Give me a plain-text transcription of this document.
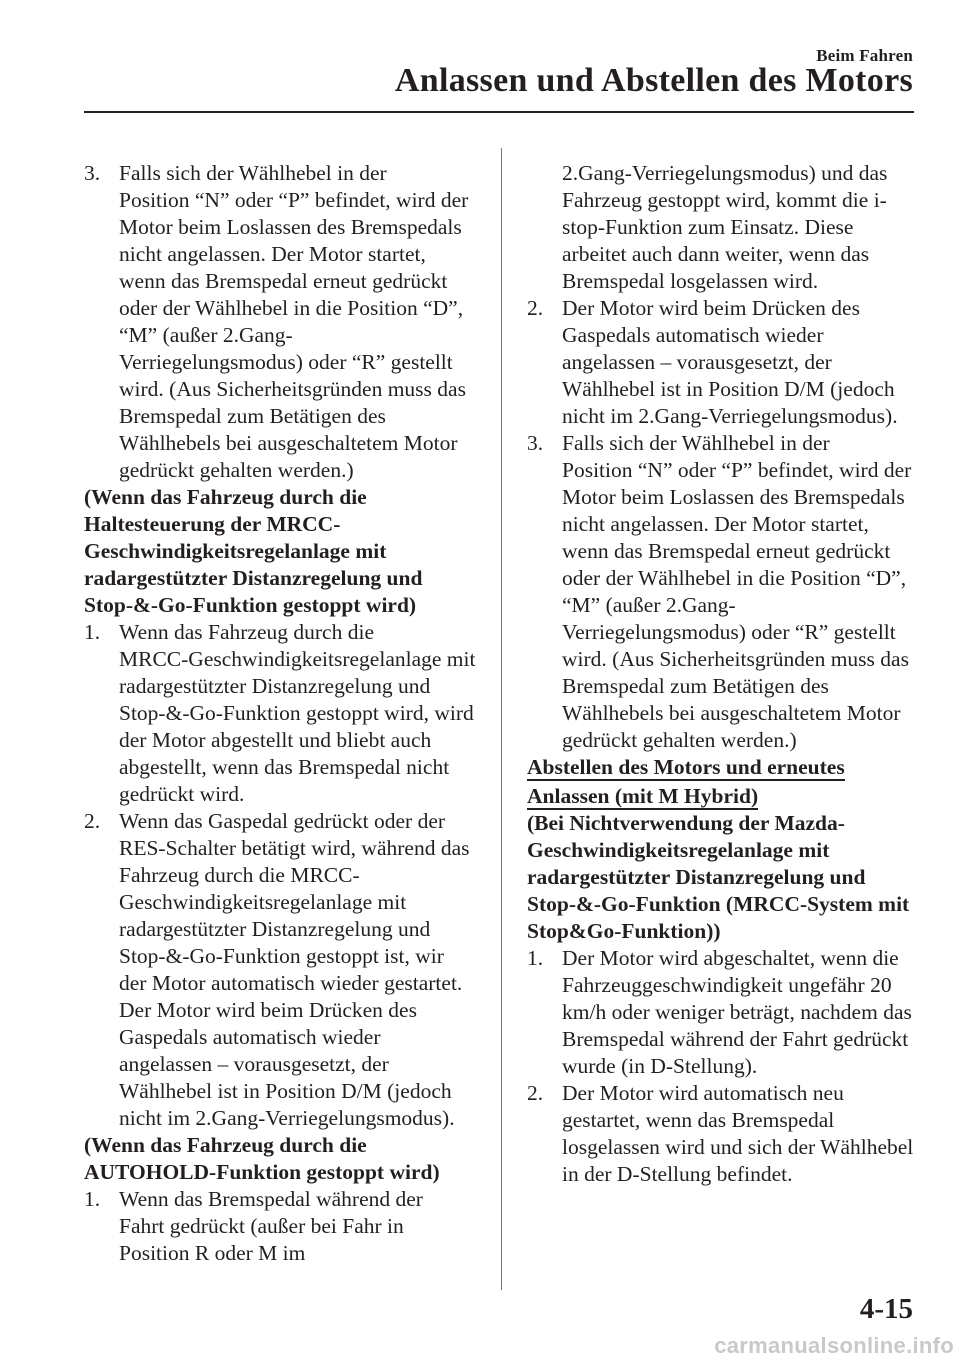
Beim Fahren

Anlassen und Abstellen des Motors
3. Falls sich der Wählhebel in der

Position “N” oder “P” befindet, wird der Motor beim Loslassen des Bremspedals nicht angelassen. Der Motor startet, wenn das Bremspedal erneut gedrückt oder der Wählhebel in die Position “D”, “M” (außer 2.Gang-Verriegelungsmodus) oder “R” gestellt wird. (Aus Sicherheitsgründen muss das Bremspedal zum Betätigen des Wählhebels bei ausgeschaltetem Motor gedrückt gehalten werden.)

(Wenn das Fahrzeug durch die Haltesteuerung der MRCC-Geschwindigkeitsregelanlage mit radargestützter Distanzregelung und Stop-&-Go-Funktion gestoppt wird)

1. Wenn das Fahrzeug durch die

MRCC-Geschwindigkeitsregelanlage mit radargestützter Distanzregelung und Stop-&-Go-Funktion gestoppt wird, wird der Motor abgestellt und bliebt auch abgestellt, wenn das Bremspedal nicht gedrückt wird.

2. Wenn das Gaspedal gedrückt oder der

RES-Schalter betätigt wird, während das Fahrzeug durch die MRCC-Geschwindigkeitsregelanlage mit radargestützter Distanzregelung und Stop-&-Go-Funktion gestoppt ist, wir der Motor automatisch wieder gestartet. Der Motor wird beim Drücken des Gaspedals automatisch wieder angelassen – vorausgesetzt, der Wählhebel ist in Position D/M (jedoch nicht im 2.Gang-Verriegelungsmodus).

(Wenn das Fahrzeug durch die AUTOHOLD-Funktion gestoppt wird)

1. Wenn das Bremspedal während der

Fahrt gedrückt (außer bei Fahr in Position R oder M im

2.Gang-Verriegelungsmodus) und das Fahrzeug gestoppt wird, kommt die i-stop-Funktion zum Einsatz. Diese arbeitet auch dann weiter, wenn das Bremspedal losgelassen wird.

2. Der Motor wird beim Drücken des

Gaspedals automatisch wieder angelassen – vorausgesetzt, der Wählhebel ist in Position D/M (jedoch nicht im 2.Gang-Verriegelungsmodus).

3. Falls sich der Wählhebel in der

Position “N” oder “P” befindet, wird der Motor beim Loslassen des Bremspedals nicht angelassen. Der Motor startet, wenn das Bremspedal erneut gedrückt oder der Wählhebel in die Position “D”, “M” (außer 2.Gang-Verriegelungsmodus) oder “R” gestellt wird. (Aus Sicherheitsgründen muss das Bremspedal zum Betätigen des Wählhebels bei ausgeschaltetem Motor gedrückt gehalten werden.)

Abstellen des Motors und erneutes
Anlassen (mit M Hybrid)

(Bei Nichtverwendung der Mazda-Geschwindigkeitsregelanlage mit radargestützter Distanzregelung und Stop-&-Go-Funktion (MRCC-System mit Stop&Go-Funktion))

1. Der Motor wird abgeschaltet, wenn die

Fahrzeuggeschwindigkeit ungefähr 20 km/h oder weniger beträgt, nachdem das Bremspedal während der Fahrt gedrückt wurde (in D-Stellung).

2. Der Motor wird automatisch neu

gestartet, wenn das Bremspedal losgelassen wird und sich der Wählhebel in der D-Stellung befindet.

4-15

carmanualsonline.info
